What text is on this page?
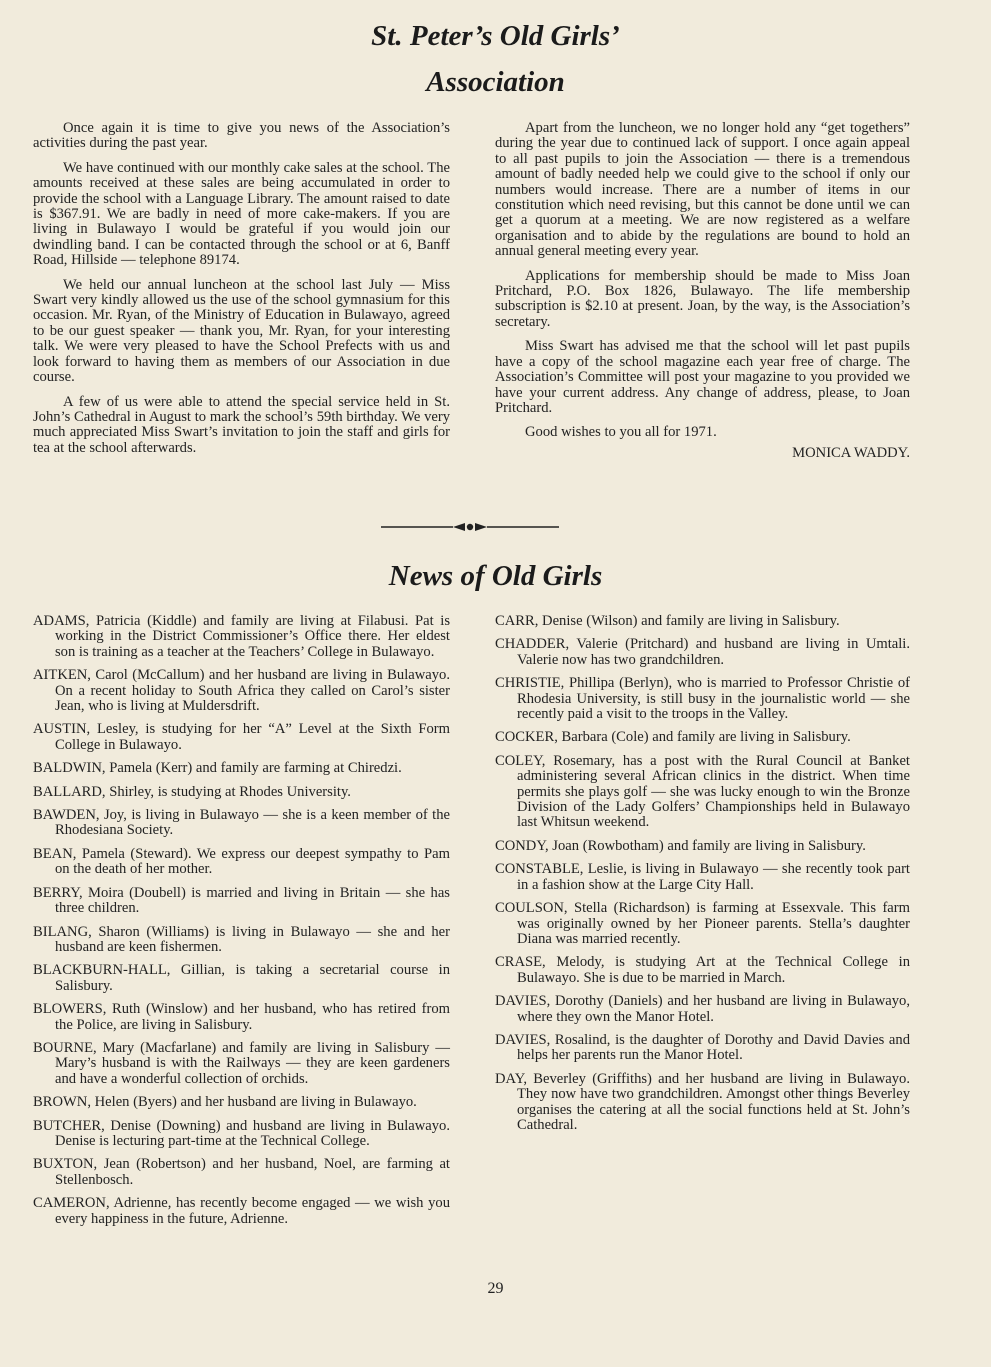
St. Peter’s Old Girls’
Association

Once again it is time to give you news of the Association’s activities during the past year.

We have continued with our monthly cake sales at the school. The amounts received at these sales are being accumulated in order to provide the school with a Language Library. The amount raised to date is $367.91. We are badly in need of more cake-makers. If you are living in Bulawayo I would be grateful if you would join our dwindling band. I can be contacted through the school or at 6, Banff Road, Hillside — telephone 89174.

We held our annual luncheon at the school last July — Miss Swart very kindly allowed us the use of the school gymnasium for this occasion. Mr. Ryan, of the Ministry of Education in Bulawayo, agreed to be our guest speaker — thank you, Mr. Ryan, for your interesting talk. We were very pleased to have the School Prefects with us and look forward to having them as members of our Association in due course.

A few of us were able to attend the special service held in St. John’s Cathedral in August to mark the school’s 59th birthday. We very much appreciated Miss Swart’s invitation to join the staff and girls for tea at the school afterwards.

Apart from the luncheon, we no longer hold any “get togethers” during the year due to continued lack of support. I once again appeal to all past pupils to join the Association — there is a tremendous amount of badly needed help we could give to the school if only our numbers would increase. There are a number of items in our constitution which need revising, but this cannot be done until we can get a quorum at a meeting. We are now registered as a welfare organisation and to abide by the regulations are bound to hold an annual general meeting every year.

Applications for membership should be made to Miss Joan Pritchard, P.O. Box 1826, Bulawayo. The life membership subscription is $2.10 at present. Joan, by the way, is the Association’s secretary.

Miss Swart has advised me that the school will let past pupils have a copy of the school magazine each year free of charge. The Association’s Committee will post your magazine to you provided we have your current address. Any change of address, please, to Joan Pritchard.

Good wishes to you all for 1971.

MONICA WADDY.

News of Old Girls
ADAMS, Patricia (Kiddle) and family are living at Filabusi. Pat is working in the District Commissioner’s Office there. Her eldest son is training as a teacher at the Teachers’ College in Bulawayo.
AITKEN, Carol (McCallum) and her husband are living in Bulawayo. On a recent holiday to South Africa they called on Carol’s sister Jean, who is living at Muldersdrift.
AUSTIN, Lesley, is studying for her “A” Level at the Sixth Form College in Bulawayo.
BALDWIN, Pamela (Kerr) and family are farming at Chiredzi.
BALLARD, Shirley, is studying at Rhodes University.
BAWDEN, Joy, is living in Bulawayo — she is a keen member of the Rhodesiana Society.
BEAN, Pamela (Steward). We express our deepest sympathy to Pam on the death of her mother.
BERRY, Moira (Doubell) is married and living in Britain — she has three children.
BILANG, Sharon (Williams) is living in Bulawayo — she and her husband are keen fishermen.
BLACKBURN-HALL, Gillian, is taking a secretarial course in Salisbury.
BLOWERS, Ruth (Winslow) and her husband, who has retired from the Police, are living in Salisbury.
BOURNE, Mary (Macfarlane) and family are living in Salisbury — Mary’s husband is with the Railways — they are keen gardeners and have a wonderful collection of orchids.
BROWN, Helen (Byers) and her husband are living in Bulawayo.
BUTCHER, Denise (Downing) and husband are living in Bulawayo. Denise is lecturing part-time at the Technical College.
BUXTON, Jean (Robertson) and her husband, Noel, are farming at Stellenbosch.
CAMERON, Adrienne, has recently become engaged — we wish you every happiness in the future, Adrienne.
CARR, Denise (Wilson) and family are living in Salisbury.
CHADDER, Valerie (Pritchard) and husband are living in Umtali. Valerie now has two grandchildren.
CHRISTIE, Phillipa (Berlyn), who is married to Professor Christie of Rhodesia University, is still busy in the journalistic world — she recently paid a visit to the troops in the Valley.
COCKER, Barbara (Cole) and family are living in Salisbury.
COLEY, Rosemary, has a post with the Rural Council at Banket administering several African clinics in the district. When time permits she plays golf — she was lucky enough to win the Bronze Division of the Lady Golfers’ Championships held in Bulawayo last Whitsun weekend.
CONDY, Joan (Rowbotham) and family are living in Salisbury.
CONSTABLE, Leslie, is living in Bulawayo — she recently took part in a fashion show at the Large City Hall.
COULSON, Stella (Richardson) is farming at Essexvale. This farm was originally owned by her Pioneer parents. Stella’s daughter Diana was married recently.
CRASE, Melody, is studying Art at the Technical College in Bulawayo. She is due to be married in March.
DAVIES, Dorothy (Daniels) and her husband are living in Bulawayo, where they own the Manor Hotel.
DAVIES, Rosalind, is the daughter of Dorothy and David Davies and helps her parents run the Manor Hotel.
DAY, Beverley (Griffiths) and her husband are living in Bulawayo. They now have two grandchildren. Amongst other things Beverley organises the catering at all the social functions held at St. John’s Cathedral.
29
